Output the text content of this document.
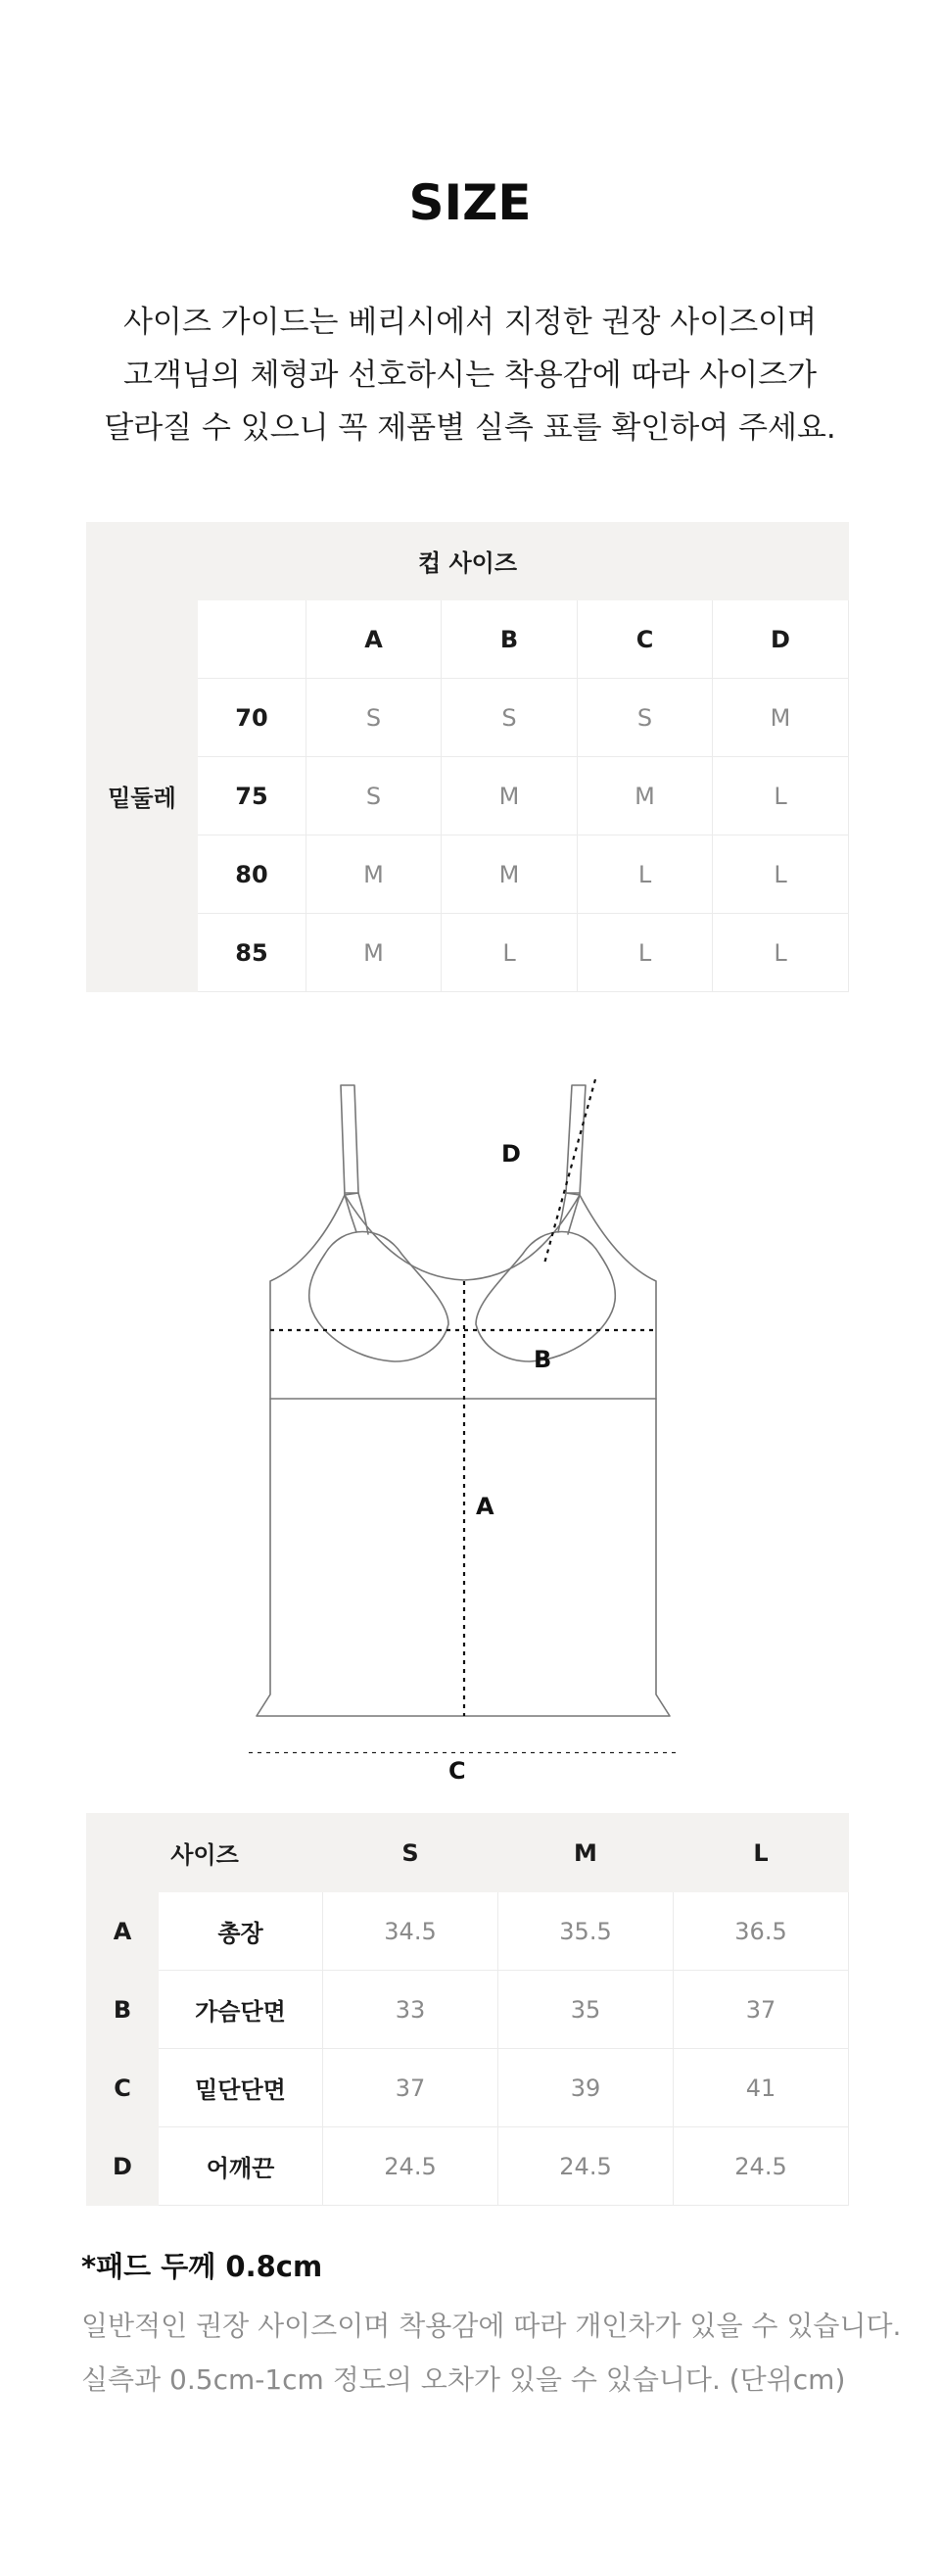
SIZE
사이즈 가이드는 베리시에서 지정한 권장 사이즈이며
고객님의 체형과 선호하시는 착용감에 따라 사이즈가
달라질 수 있으니 꼭 제품별 실측 표를 확인하여 주세요.
컵 사이즈					
밑둘레		A	B	C	D
	70	S	S	S	M
	75	S	M	M	L
	80	M	M	L	L
	85	M	L	L	L
D
B
A
C
사이즈		S	M	L
A	총장	34.5	35.5	36.5
B	가슴단면	33	35	37
C	밑단단면	37	39	41
D	어깨끈	24.5	24.5	24.5
*패드 두께 0.8cm
일반적인 권장 사이즈이며 착용감에 따라 개인차가 있을 수 있습니다.
실측과 0.5cm-1cm 정도의 오차가 있을 수 있습니다. (단위cm)
